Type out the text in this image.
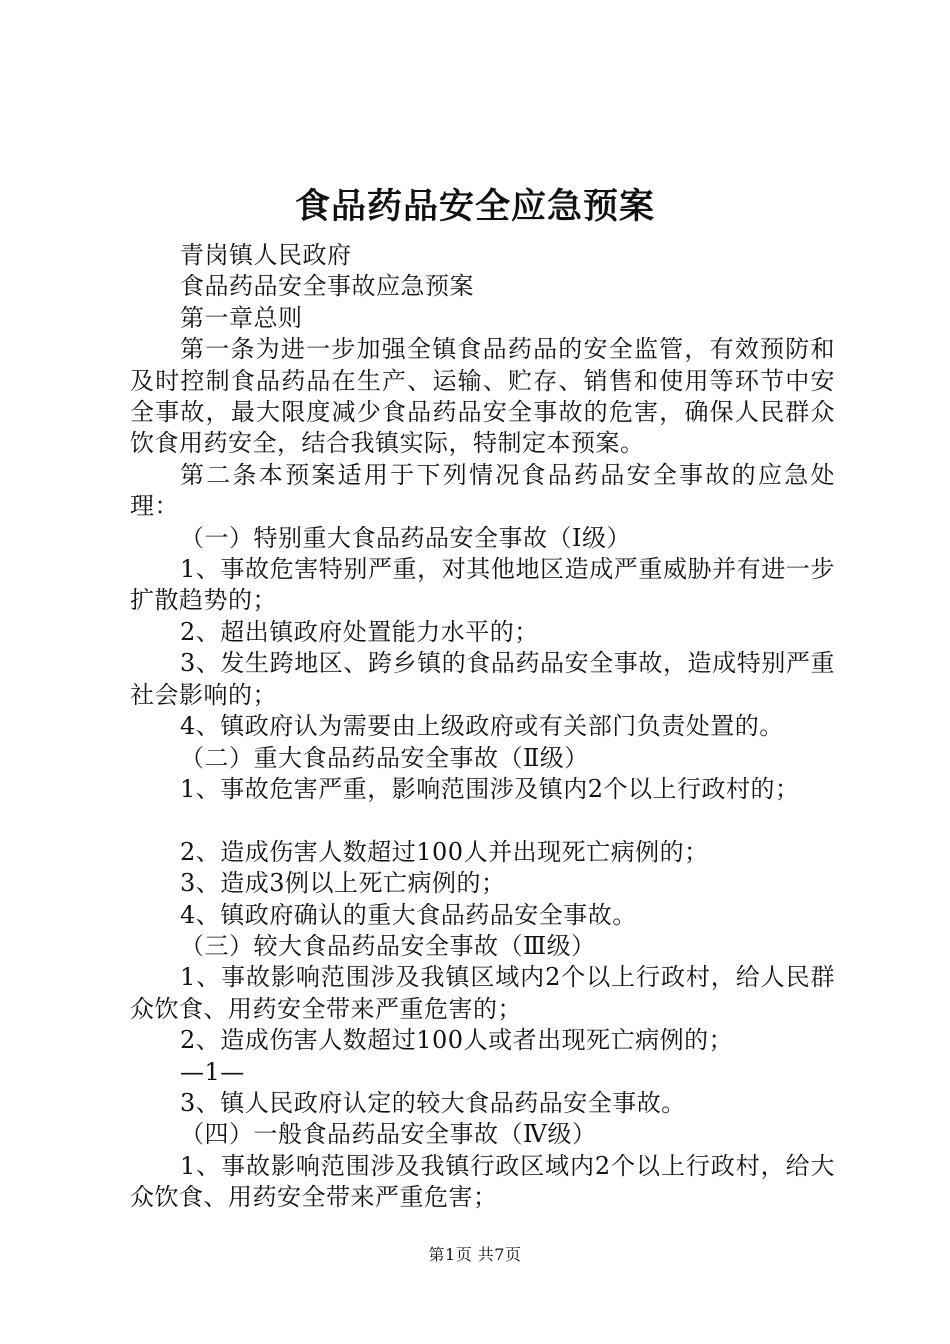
食品药品安全应急预案

青岗镇人民政府

食品药品安全事故应急预案

第一章总则

第一条为进一步加强全镇食品药品的安全监管，有效预防和及时控制食品药品在生产、运输、贮存、销售和使用等环节中安全事故，最大限度减少食品药品安全事故的危害，确保人民群众饮食用药安全，结合我镇实际，特制定本预案。

第二条本预案适用于下列情况食品药品安全事故的应急处理：

（一）特别重大食品药品安全事故（Ⅰ级）

1、事故危害特别严重，对其他地区造成严重威胁并有进一步扩散趋势的；

2、超出镇政府处置能力水平的；

3、发生跨地区、跨乡镇的食品药品安全事故，造成特别严重社会影响的；

4、镇政府认为需要由上级政府或有关部门负责处置的。

（二）重大食品药品安全事故（Ⅱ级）

1、事故危害严重，影响范围涉及镇内2个以上行政村的；

2、造成伤害人数超过100人并出现死亡病例的；

3、造成3例以上死亡病例的；

4、镇政府确认的重大食品药品安全事故。

（三）较大食品药品安全事故（Ⅲ级）

1、事故影响范围涉及我镇区域内2个以上行政村，给人民群众饮食、用药安全带来严重危害的；

2、造成伤害人数超过100人或者出现死亡病例的；

—1—

3、镇人民政府认定的较大食品药品安全事故。

（四）一般食品药品安全事故（Ⅳ级）

1、事故影响范围涉及我镇行政区域内2个以上行政村，给大众饮食、用药安全带来严重危害；

第1页 共7页
